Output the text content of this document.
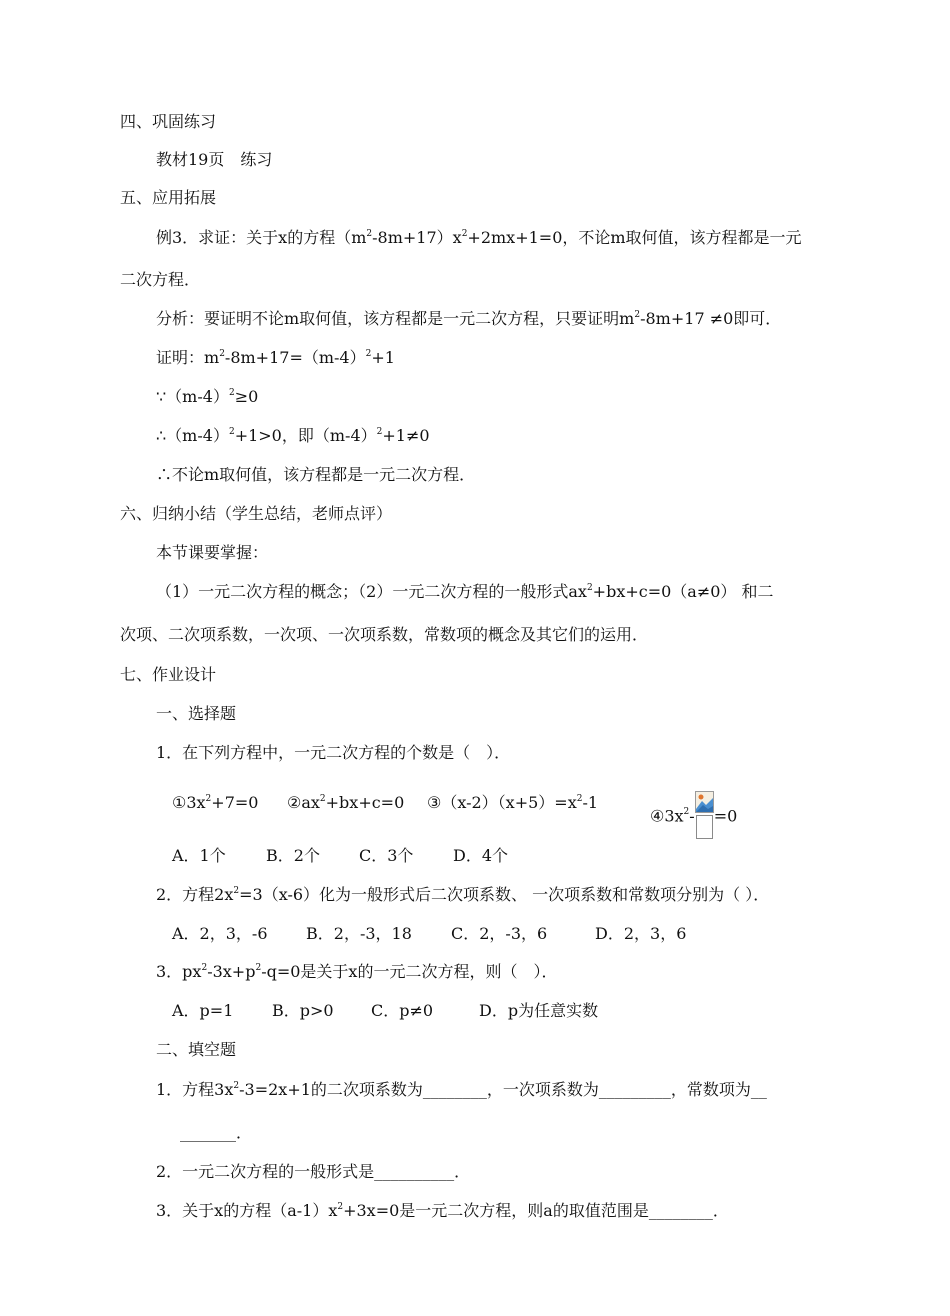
四、巩固练习
教材19页　练习
五、应用拓展
例3．求证：关于x的方程$(m^2-8m+17)x^2+2mx+1=0$，不论m取何值，该方程都是一元
二次方程．
分析：要证明不论m取何值，该方程都是一元二次方程，只要证明$m^2-8m+17 \ne 0$即可．
证明：$m^2-8m+17=(m-4)^2+1$
$\because(m-4)^2\ge 0$
$\therefore(m-4)^2+1>0$，即$(m-4)^2+1\ne 0$
∴不论m取何值，该方程都是一元二次方程．
六、归纳小结（学生总结，老师点评）
本节课要掌握：
（1）一元二次方程的概念；（2）一元二次方程的一般形式$ax^2+bx+c=0(a\ne 0)$ 和二
次项、二次项系数，一次项、一次项系数，常数项的概念及其它们的运用．
七、作业设计
一、选择题
1．在下列方程中，一元二次方程的个数是（　）．
$①3x^2+7=0$ $②ax^2+bx+c=0$ $③(x-2)(x+5)=x^2-1$
$④3x^2- =0$
A．1个	B．2个 C．3个 D．4个
2．方程$2x^2=3(x-6)$化为一般形式后二次项系数、 一次项系数和常数项分别为（ ）．
A．2，3，-6 B．2，-3，18 C．2，-3，6	D．2，3，6
3．$px^2-3x+p^2-q=0$是关于x的一元二次方程，则（　）．
A．p=1 B．p>0 C．p≠0	D．p为任意实数
二、填空题
1．方程$3x^2-3=2x+1$的二次项系数为________，一次项系数为_________，常数项为__
_______．
2．一元二次方程的一般形式是__________．
3．关于x的方程$(a-1)x^2+3x=0$是一元二次方程，则a的取值范围是________．
